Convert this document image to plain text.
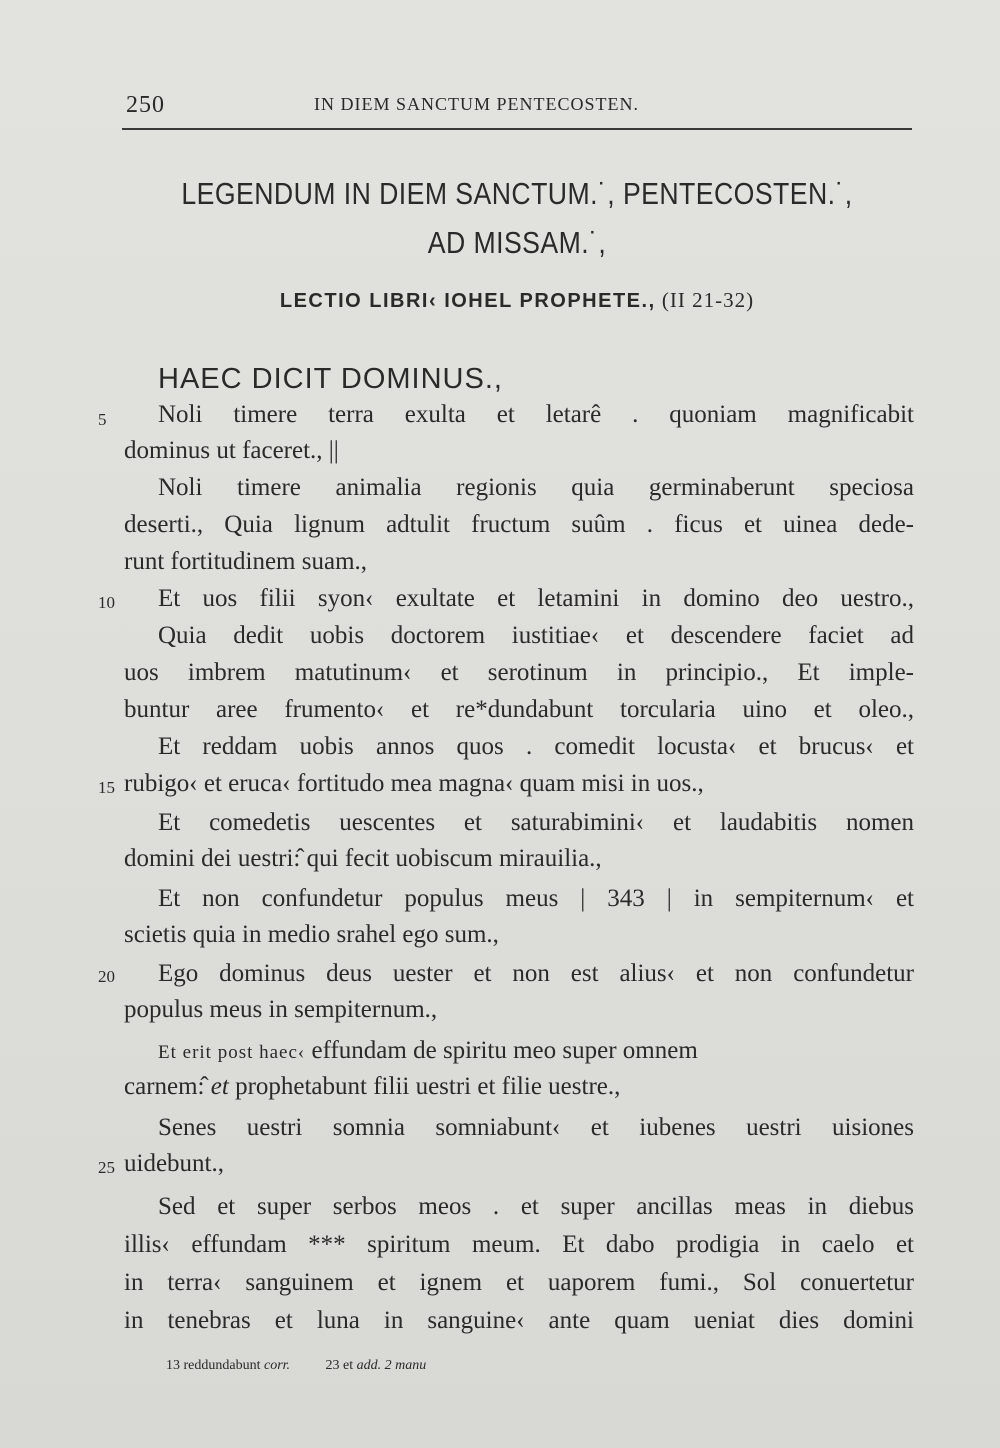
250	IN DIEM SANCTUM PENTECOSTEN.
LEGENDUM IN DIEM SANCTUM.˙, PENTECOSTEN.˙,
AD MISSAM.˙,
LECTIO LIBRI‹ IOHEL PROPHETE., (II 21-32)
HAEC DICIT DOMINUS.,
5	Noli timere terra exulta et letarê . quoniam magnificabit
dominus ut faceret., ||
Noli timere animalia regionis quia germinaberunt speciosa
deserti., Quia lignum adtulit fructum suûm . ficus et uinea dede-
runt fortitudinem suam.,
10	Et uos filii syon‹ exultate et letamini in domino deo uestro.,
Quia dedit uobis doctorem iustitiae‹ et descendere faciet ad
uos imbrem matutinum‹ et serotinum in principio., Et imple-
buntur aree frumento‹ et re*dundabunt torcularia uino et oleo.,
Et reddam uobis annos quos . comedit locusta‹ et brucus‹ et
15 rubigo‹ et eruca‹ fortitudo mea magna‹ quam misi in uos.,
Et comedetis uescentes et saturabimini‹ et laudabitis nomen
domini dei uestri:̂ qui fecit uobiscum mirauilia.,
Et non confundetur populus meus | 343 | in sempiternum‹ et
scietis quia in medio srahel ego sum.,
20	Ego dominus deus uester et non est alius‹ et non confundetur
populus meus in sempiternum.,
Et erit post haec‹ effundam de spiritu meo super omnem
carnem:̂ et prophetabunt filii uestri et filie uestre.,
Senes uestri somnia somniabunt‹ et iubenes uestri uisiones
25 uidebunt.,
Sed et super serbos meos . et super ancillas meas in diebus
illis‹ effundam *** spiritum meum. Et dabo prodigia in caelo et
in terra‹ sanguinem et ignem et uaporem fumi., Sol conuertetur
in tenebras et luna in sanguine‹ ante quam ueniat dies domini
13 reddundabunt corr.	23 et add. 2 manu
